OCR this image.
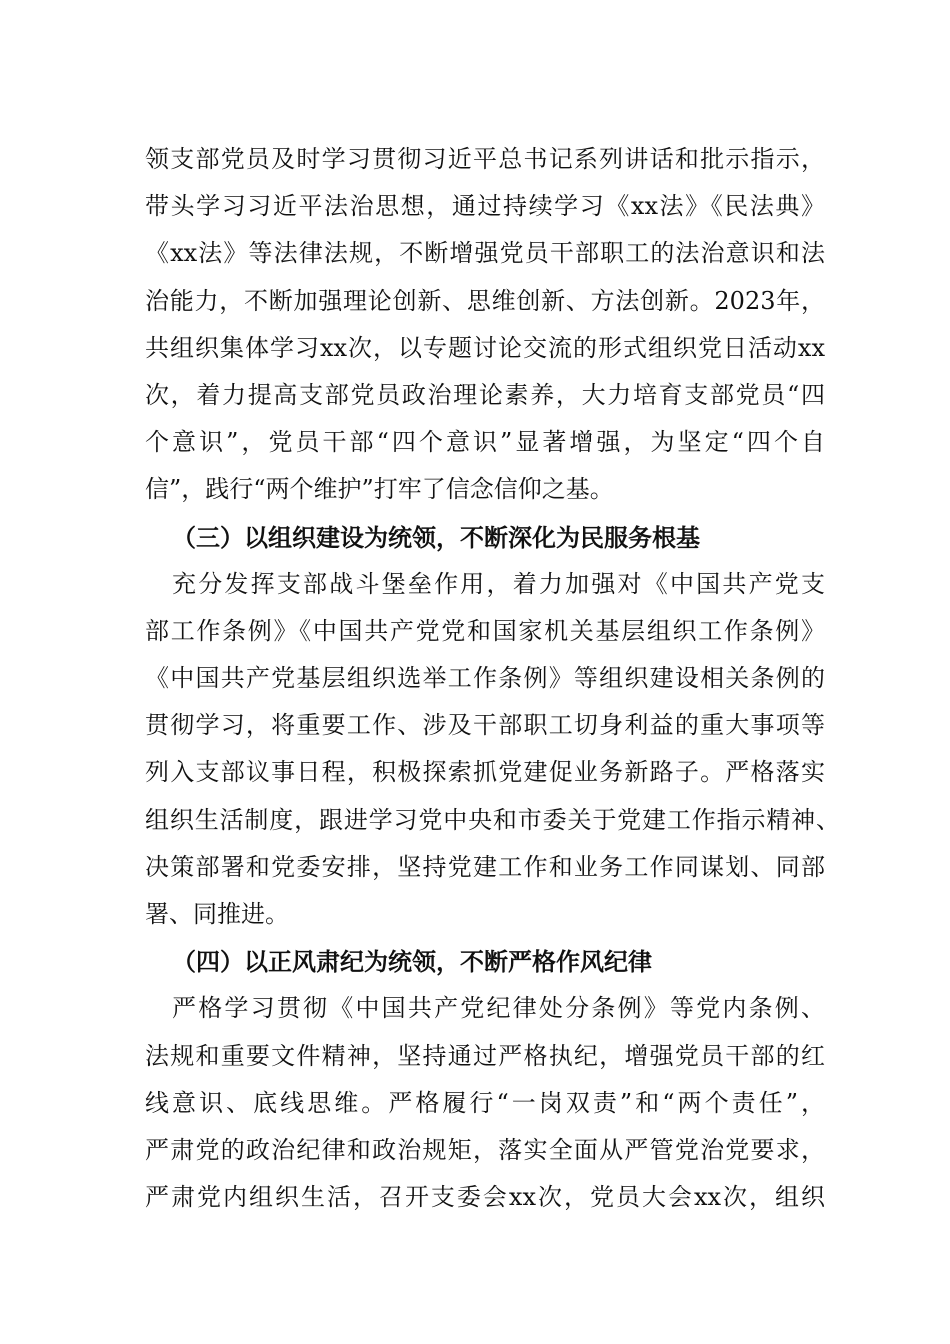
领支部党员及时学习贯彻习近平总书记系列讲话和批示指示，
带头学习习近平法治思想，通过持续学习《xx法》《民法典》
《xx法》等法律法规，不断增强党员干部职工的法治意识和法
治能力，不断加强理论创新、思维创新、方法创新。2023年，
共组织集体学习xx次，以专题讨论交流的形式组织党日活动xx
次，着力提高支部党员政治理论素养，大力培育支部党员“四
个意识”，党员干部“四个意识”显著增强，为坚定“四个自
信”，践行“两个维护”打牢了信念信仰之基。
（三）以组织建设为统领，不断深化为民服务根基
充分发挥支部战斗堡垒作用，着力加强对《中国共产党支
部工作条例》《中国共产党党和国家机关基层组织工作条例》
《中国共产党基层组织选举工作条例》等组织建设相关条例的
贯彻学习，将重要工作、涉及干部职工切身利益的重大事项等
列入支部议事日程，积极探索抓党建促业务新路子。严格落实
组织生活制度，跟进学习党中央和市委关于党建工作指示精神、
决策部署和党委安排，坚持党建工作和业务工作同谋划、同部
署、同推进。
（四）以正风肃纪为统领，不断严格作风纪律
严格学习贯彻《中国共产党纪律处分条例》等党内条例、
法规和重要文件精神，坚持通过严格执纪，增强党员干部的红
线意识、底线思维。严格履行“一岗双责”和“两个责任”，
严肃党的政治纪律和政治规矩，落实全面从严管党治党要求，
严肃党内组织生活，召开支委会xx次，党员大会xx次，组织
